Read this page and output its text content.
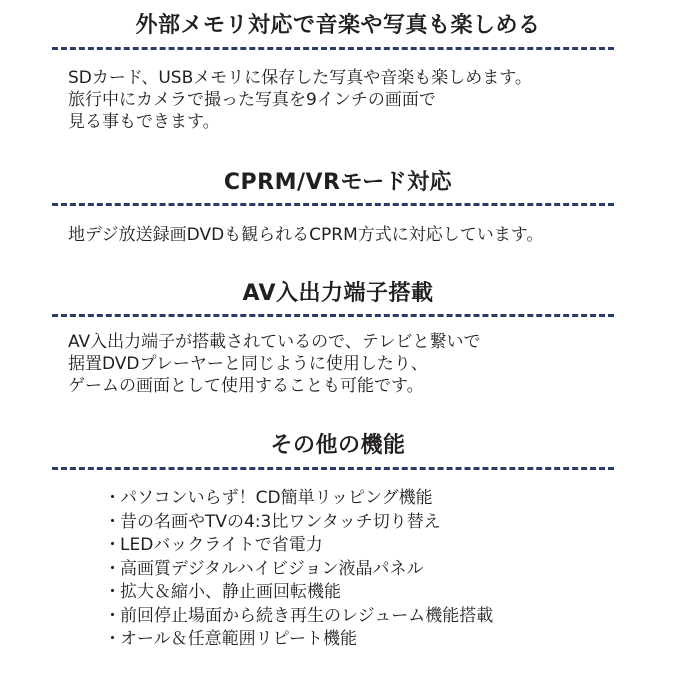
外部メモリ対応で音楽や写真も楽しめる
SDカード、USBメモリに保存した写真や音楽も楽しめます。
旅行中にカメラで撮った写真を9インチの画面で
見る事もできます。
CPRM/VRモード対応
地デジ放送録画DVDも観られるCPRM方式に対応しています。
AV入出力端子搭載
AV入出力端子が搭載されているので、テレビと繋いで
据置DVDプレーヤーと同じように使用したり、
ゲームの画面として使用することも可能です。
その他の機能
・パソコンいらず！CD簡単リッピング機能
・昔の名画やTVの4:3比ワンタッチ切り替え
・LEDバックライトで省電力
・高画質デジタルハイビジョン液晶パネル
・拡大＆縮小、静止画回転機能
・前回停止場面から続き再生のレジューム機能搭載
・オール＆任意範囲リピート機能
